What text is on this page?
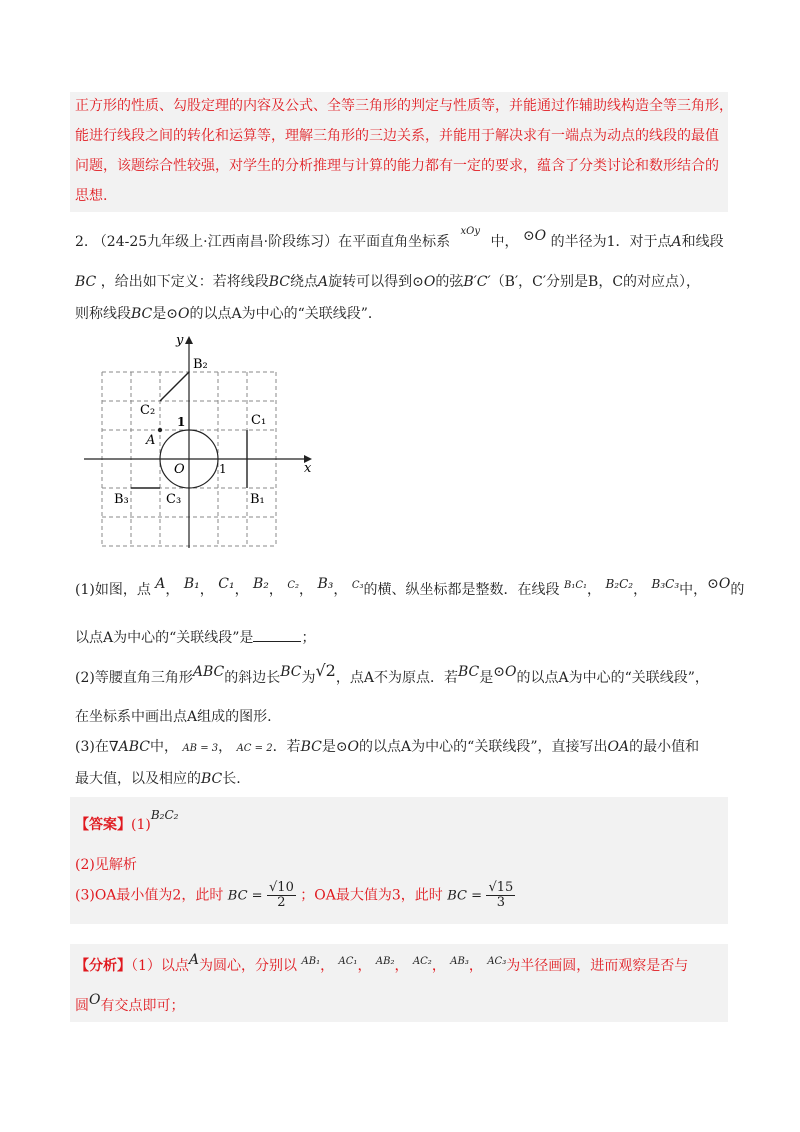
正方形的性质、勾股定理的内容及公式、全等三角形的判定与性质等，并能通过作辅助线构造全等三角形，
能进行线段之间的转化和运算等，理解三角形的三边关系，并能用于解决求有一端点为动点的线段的最值
问题，该题综合性较强，对学生的分析推理与计算的能力都有一定的要求，蕴含了分类讨论和数形结合的
思想.
2. （24-25九年级上·江西南昌·阶段练习）在平面直角坐标系 $^{xOy}$ 中， ⊙O 的半径为1．对于点A和线段
BC ，给出如下定义：若将线段BC绕点A旋转可以得到⊙O的弦B′C′（B′，C′分别是B，C的对应点），
则称线段BC是⊙O的以点A为中心的“关联线段”．
y
x
O	1
1
A
B₂
C₂
C₁
B₁
B₃	C₃
(1)如图，点 A， B₁， C₁， B₂， $^{C_2}$， B₃， $^{C_3}$的横、纵坐标都是整数．在线段 $^{B_1C_1}$， B₂C₂， B₃C₃中，⊙O的
以点A为中心的“关联线段”是	；
(2)等腰直角三角形ABC的斜边长BC为√2，点A不为原点．若BC是⊙O的以点A为中心的“关联线段”，
在坐标系中画出点A组成的图形.
(3)在∇ABC中， AB = 3， AC = 2．若BC是⊙O的以点A为中心的“关联线段”，直接写出OA的最小值和
最大值，以及相应的BC长.
【答案】(1)B₂C₂
(2)见解析
(3)OA最小值为2，此时 BC = $\frac{√10}{2}$ ；OA最大值为3，此时 BC = $\frac{√15}{3}$
【分析】（1）以点A为圆心，分别以 $^{AB_1}$， $^{AC_1}$， $^{AB_2}$， $^{AC_2}$， $^{AB_3}$， $^{AC_3}$为半径画圆，进而观察是否与
圆O有交点即可；
